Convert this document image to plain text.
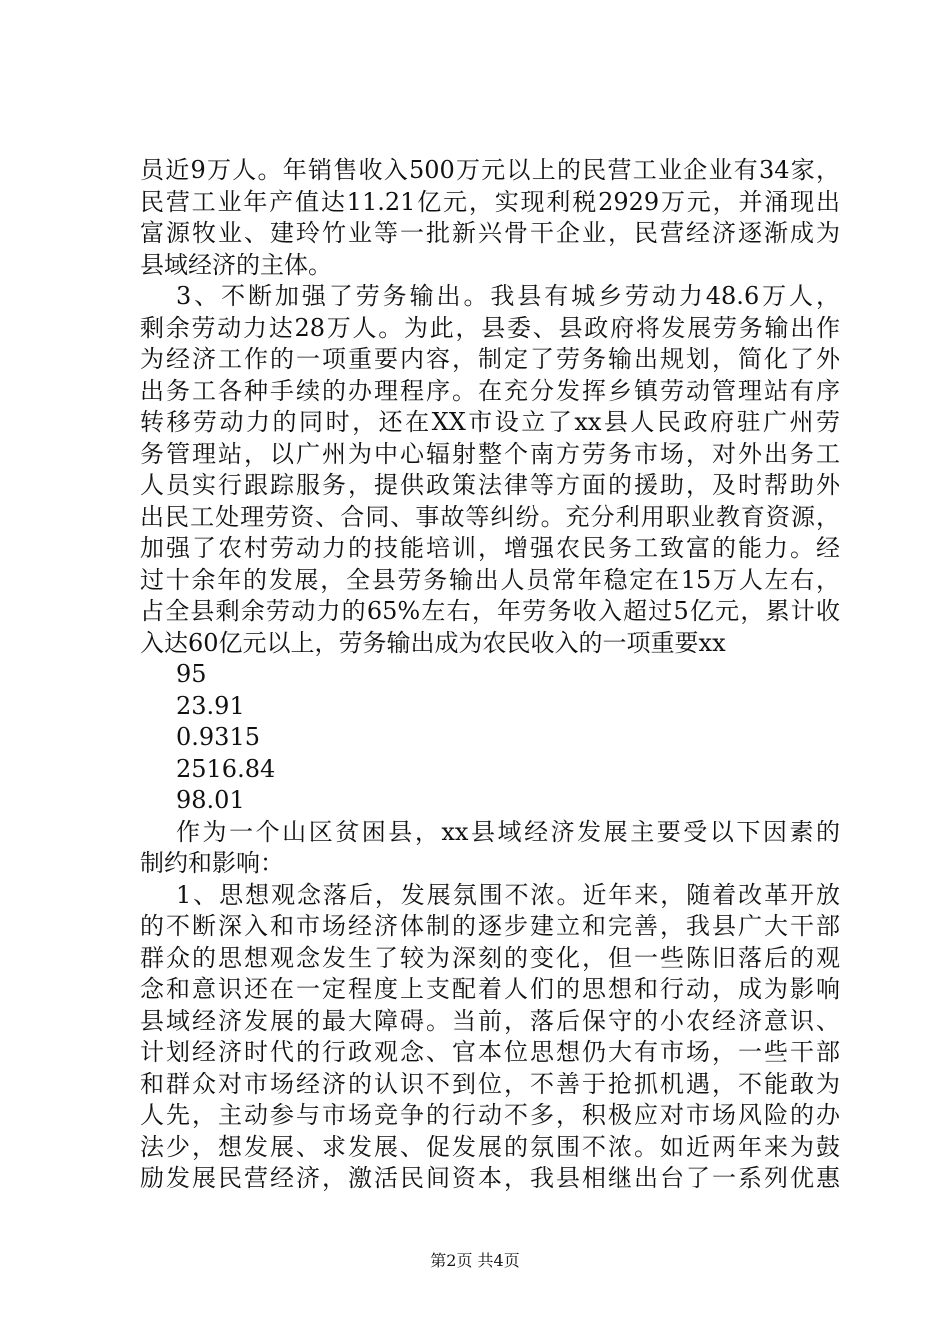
员近9万人。年销售收入500万元以上的民营工业企业有34家，
民营工业年产值达11.21亿元，实现利税2929万元，并涌现出
富源牧业、建玲竹业等一批新兴骨干企业，民营经济逐渐成为
县域经济的主体。
3、不断加强了劳务输出。我县有城乡劳动力48.6万人，
剩余劳动力达28万人。为此，县委、县政府将发展劳务输出作
为经济工作的一项重要内容，制定了劳务输出规划，简化了外
出务工各种手续的办理程序。在充分发挥乡镇劳动管理站有序
转移劳动力的同时，还在XX市设立了xx县人民政府驻广州劳
务管理站，以广州为中心辐射整个南方劳务市场，对外出务工
人员实行跟踪服务，提供政策法律等方面的援助，及时帮助外
出民工处理劳资、合同、事故等纠纷。充分利用职业教育资源，
加强了农村劳动力的技能培训，增强农民务工致富的能力。经
过十余年的发展，全县劳务输出人员常年稳定在15万人左右，
占全县剩余劳动力的65%左右，年劳务收入超过5亿元，累计收
入达60亿元以上，劳务输出成为农民收入的一项重要xx
95
23.91
0.9315
2516.84
98.01
作为一个山区贫困县，xx县域经济发展主要受以下因素的
制约和影响：
1、思想观念落后，发展氛围不浓。近年来，随着改革开放
的不断深入和市场经济体制的逐步建立和完善，我县广大干部
群众的思想观念发生了较为深刻的变化，但一些陈旧落后的观
念和意识还在一定程度上支配着人们的思想和行动，成为影响
县域经济发展的最大障碍。当前，落后保守的小农经济意识、
计划经济时代的行政观念、官本位思想仍大有市场，一些干部
和群众对市场经济的认识不到位，不善于抢抓机遇，不能敢为
人先，主动参与市场竞争的行动不多，积极应对市场风险的办
法少，想发展、求发展、促发展的氛围不浓。如近两年来为鼓
励发展民营经济，激活民间资本，我县相继出台了一系列优惠
第2页 共4页
